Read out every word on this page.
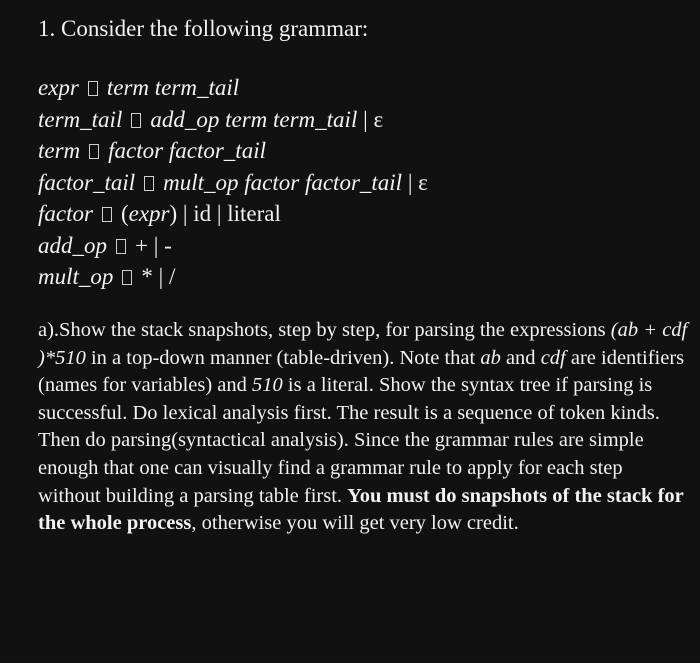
1. Consider the following grammar:
expr term term_tail
term_tail add_op term term_tail | ε
term factor factor_tail
factor_tail mult_op factor factor_tail | ε
factor (expr) | id | literal
add_op + | -
mult_op * | /

a).Show the stack snapshots, step by step, for parsing the expressions (ab + cdf )*510 in a top-down manner (table-driven). Note that ab and cdf are identifiers (names for variables) and 510 is a literal. Show the syntax tree if parsing is successful. Do lexical analysis first. The result is a sequence of token kinds. Then do parsing(syntactical analysis). Since the grammar rules are simple enough that one can visually find a grammar rule to apply for each step without building a parsing table first. You must do snapshots of the stack for the whole process, otherwise you will get very low credit.
